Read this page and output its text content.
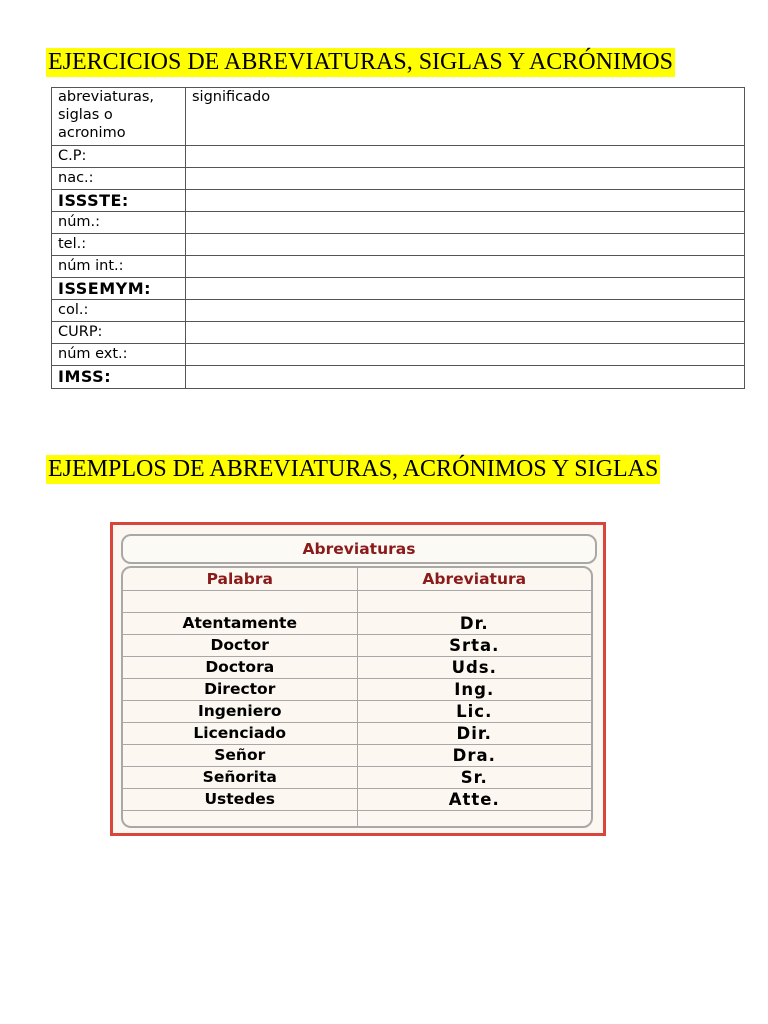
EJERCICIOS DE ABREVIATURAS, SIGLAS Y ACRÓNIMOS
abreviaturas, siglas o acronimo	significado
C.P:	
nac.:	
ISSSTE:	
núm.:	
tel.:	
núm int.:	
ISSEMYM:	
col.:	
CURP:	
núm ext.:	
IMSS:	
EJEMPLOS DE ABREVIATURAS, ACRÓNIMOS Y SIGLAS
Abreviaturas
Palabra	Abreviatura

Atentamente	Dr.
Doctor	Srta.
Doctora	Uds.
Director	Ing.
Ingeniero	Lic.
Licenciado	Dir.
Señor	Dra.
Señorita	Sr.
Ustedes	Atte.
